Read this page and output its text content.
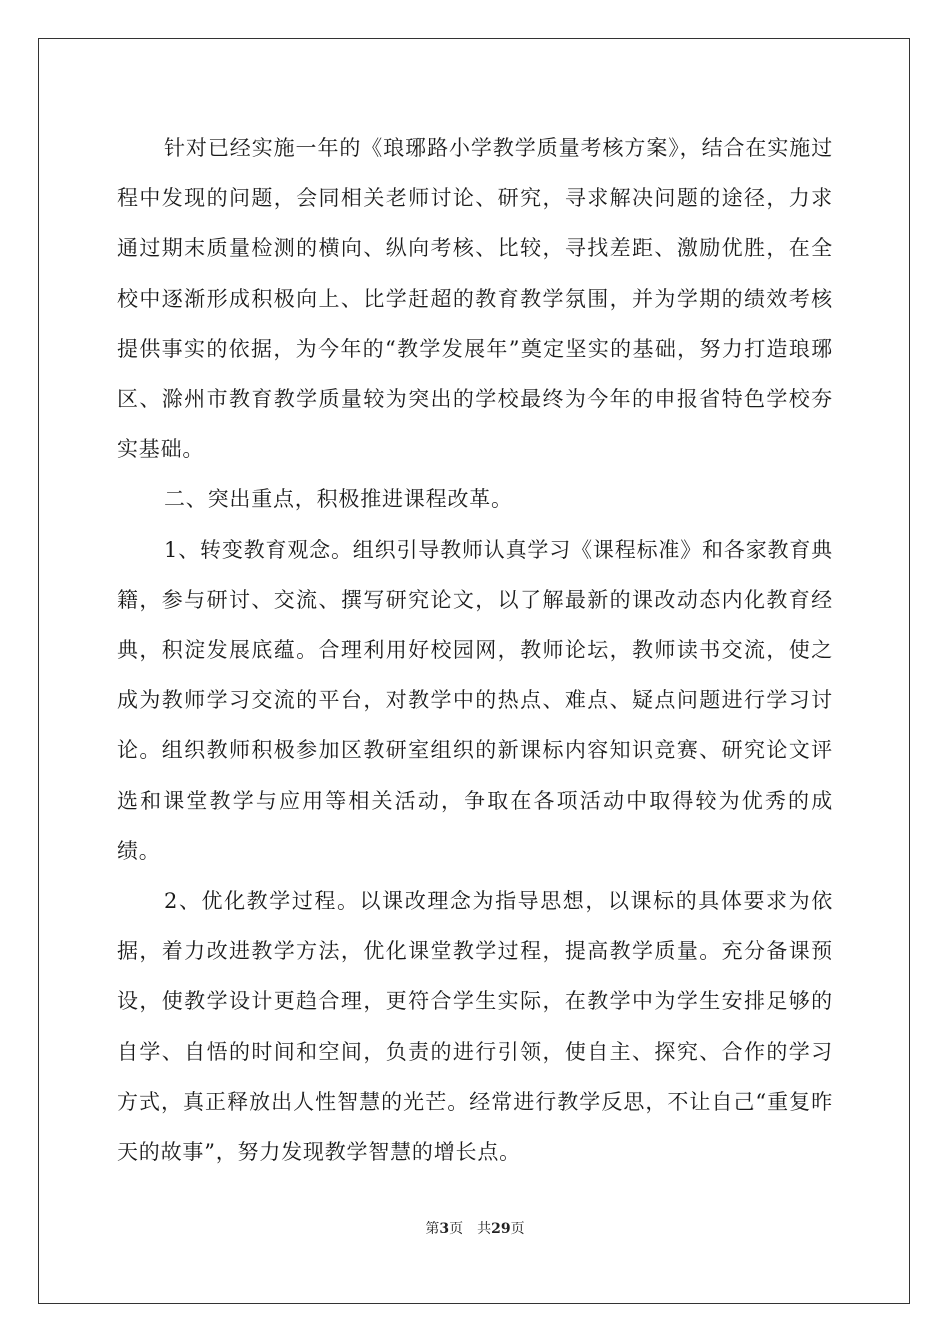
针对已经实施一年的《琅琊路小学教学质量考核方案》，结合在实施过程中发现的问题，会同相关老师讨论、研究，寻求解决问题的途径，力求通过期末质量检测的横向、纵向考核、比较，寻找差距、激励优胜，在全校中逐渐形成积极向上、比学赶超的教育教学氛围，并为学期的绩效考核提供事实的依据，为今年的“教学发展年”奠定坚实的基础，努力打造琅琊区、滁州市教育教学质量较为突出的学校最终为今年的申报省特色学校夯实基础。

二、突出重点，积极推进课程改革。

1、转变教育观念。组织引导教师认真学习《课程标准》和各家教育典籍，参与研讨、交流、撰写研究论文，以了解最新的课改动态内化教育经典，积淀发展底蕴。合理利用好校园网，教师论坛，教师读书交流，使之成为教师学习交流的平台，对教学中的热点、难点、疑点问题进行学习讨论。组织教师积极参加区教研室组织的新课标内容知识竞赛、研究论文评选和课堂教学与应用等相关活动，争取在各项活动中取得较为优秀的成绩。

2、优化教学过程。以课改理念为指导思想，以课标的具体要求为依据，着力改进教学方法，优化课堂教学过程，提高教学质量。充分备课预设，使教学设计更趋合理，更符合学生实际，在教学中为学生安排足够的自学、自悟的时间和空间，负责的进行引领，使自主、探究、合作的学习方式，真正释放出人性智慧的光芒。经常进行教学反思，不让自己“重复昨天的故事”，努力发现教学智慧的增长点。

第3页 共29页
